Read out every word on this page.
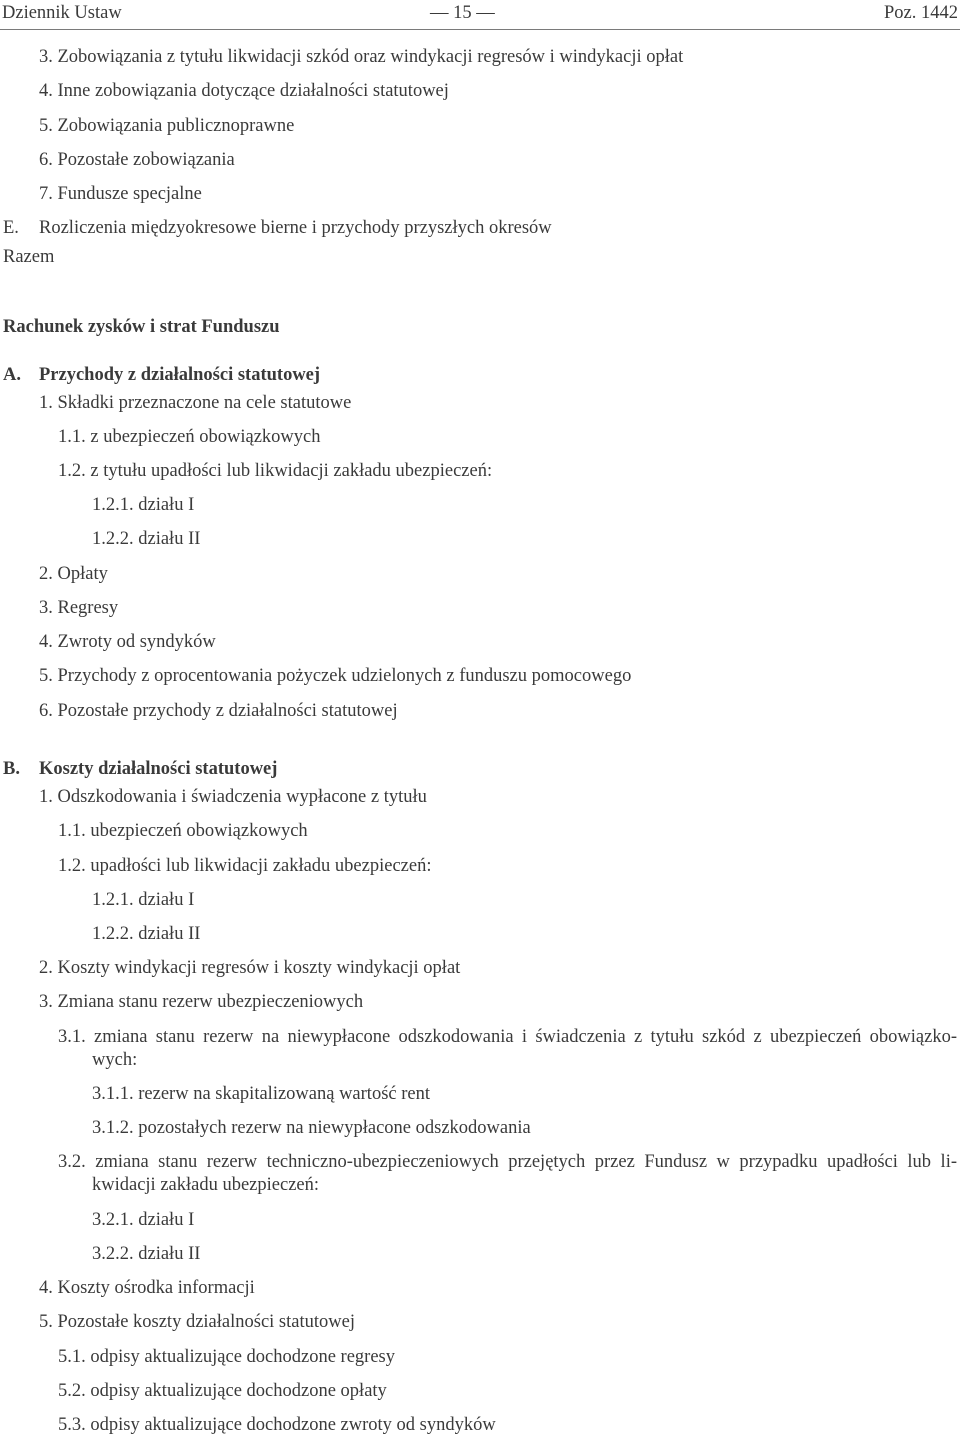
Dziennik Ustaw	— 15 —	Poz. 1442
3. Zobowiązania z tytułu likwidacji szkód oraz windykacji regresów i windykacji opłat
4. Inne zobowiązania dotyczące działalności statutowej
5. Zobowiązania publicznoprawne
6. Pozostałe zobowiązania
7. Fundusze specjalne
E. Rozliczenia międzyokresowe bierne i przychody przyszłych okresów
Razem
Rachunek zysków i strat Funduszu
A. Przychody z działalności statutowej
1. Składki przeznaczone na cele statutowe
1.1. z ubezpieczeń obowiązkowych
1.2. z tytułu upadłości lub likwidacji zakładu ubezpieczeń:
1.2.1. działu I
1.2.2. działu II
2. Opłaty
3. Regresy
4. Zwroty od syndyków
5. Przychody z oprocentowania pożyczek udzielonych z funduszu pomocowego
6. Pozostałe przychody z działalności statutowej
B. Koszty działalności statutowej
1. Odszkodowania i świadczenia wypłacone z tytułu
1.1. ubezpieczeń obowiązkowych
1.2. upadłości lub likwidacji zakładu ubezpieczeń:
1.2.1. działu I
1.2.2. działu II
2. Koszty windykacji regresów i koszty windykacji opłat
3. Zmiana stanu rezerw ubezpieczeniowych
3.1. zmiana stanu rezerw na niewypłacone odszkodowania i świadczenia z tytułu szkód z ubezpieczeń obowiązko-
wych:
3.1.1. rezerw na skapitalizowaną wartość rent
3.1.2. pozostałych rezerw na niewypłacone odszkodowania
3.2. zmiana stanu rezerw techniczno-ubezpieczeniowych przejętych przez Fundusz w przypadku upadłości lub li-
kwidacji zakładu ubezpieczeń:
3.2.1. działu I
3.2.2. działu II
4. Koszty ośrodka informacji
5. Pozostałe koszty działalności statutowej
5.1. odpisy aktualizujące dochodzone regresy
5.2. odpisy aktualizujące dochodzone opłaty
5.3. odpisy aktualizujące dochodzone zwroty od syndyków
